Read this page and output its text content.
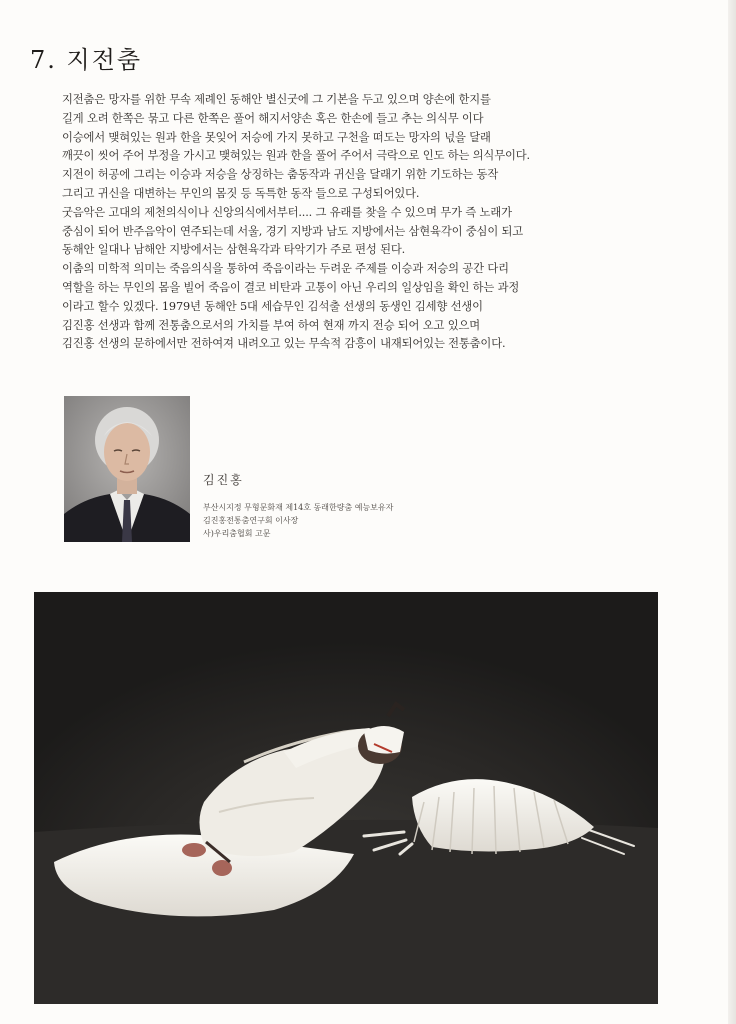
7. 지전춤
지전춤은 망자를 위한 무속 제례인 동해안 별신굿에 그 기본을 두고 있으며 양손에 한지를
길게 오려 한쪽은 묶고 다른 한쪽은 풀어 해지서양손 혹은 한손에 들고 추는 의식무 이다
이승에서 맺혀있는 원과 한을 못잊어 저승에 가지 못하고 구천을 떠도는 망자의 넋을 달래
깨끗이 씻어 주어 부정을 가시고 맺혀있는 원과 한을 풀어 주어서 극락으로 인도 하는 의식무이다.
지전이 허공에 그리는 이승과 저승을 상징하는 춤동작과 귀신을 달래기 위한 기도하는 동작
그리고 귀신을 대변하는 무인의 몸짓 등 독특한 동작 들으로 구성되어있다.
굿음악은 고대의 제천의식이나 신앙의식에서부터.... 그 유래를 찾을 수 있으며 무가 즉 노래가
중심이 되어 반주음악이 연주되는데 서울, 경기 지방과 남도 지방에서는 삼현육각이 중심이 되고
동해안 일대나 남해안 지방에서는 삼현육각과 타악기가 주로 편성 된다.
이춤의 미학적 의미는 죽음의식을 통하여 죽음이라는 두려운 주제를 이승과 저승의 공간 다리
역할을 하는 무인의 몸을 빌어 죽음이 결코 비탄과 고통이 아닌 우리의 일상임을 확인 하는 과정
이라고 할수 있겠다. 1979년 동해안 5대 세습무인 김석출 선생의 동생인 김세향 선생이
김진홍 선생과 함께 전통춤으로서의 가치를 부여 하여 현재 까지 전승 되어 오고 있으며
김진홍 선생의 문하에서만 전하여져 내려오고 있는 무속적 감흥이 내재되어있는 전통춤이다.
김진홍
부산시지정 무형문화재 제14호 동래한량춤 예능보유자
김진홍전통춤연구회 이사장
사)우리춤협회 고문
